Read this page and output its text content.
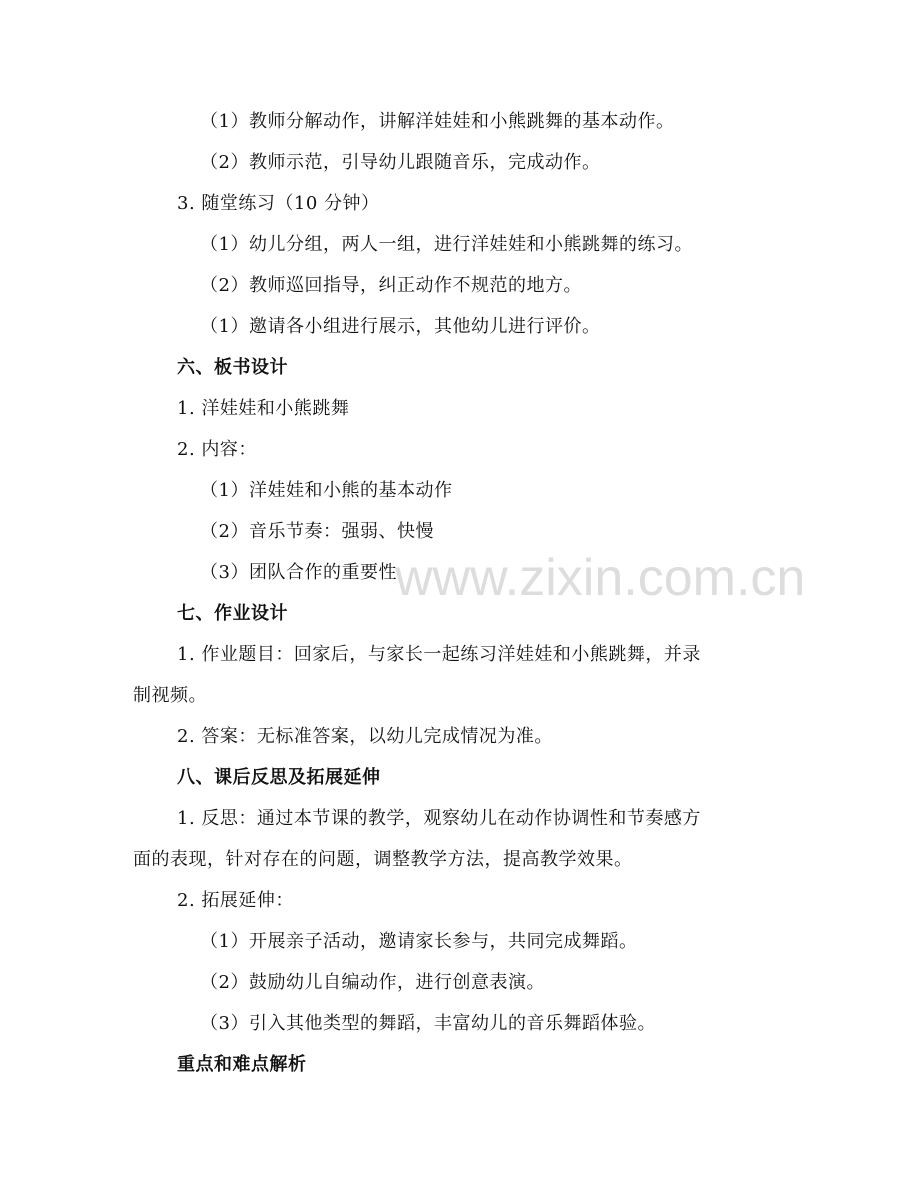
www.zixin.com.cn
（1）教师分解动作，讲解洋娃娃和小熊跳舞的基本动作。
（2）教师示范，引导幼儿跟随音乐，完成动作。
3. 随堂练习（10 分钟）
（1）幼儿分组，两人一组，进行洋娃娃和小熊跳舞的练习。
（2）教师巡回指导，纠正动作不规范的地方。
（1）邀请各小组进行展示，其他幼儿进行评价。
六、板书设计
1. 洋娃娃和小熊跳舞
2. 内容：
（1）洋娃娃和小熊的基本动作
（2）音乐节奏：强弱、快慢
（3）团队合作的重要性
七、作业设计
1. 作业题目：回家后，与家长一起练习洋娃娃和小熊跳舞，并录
制视频。
2. 答案：无标准答案，以幼儿完成情况为准。
八、课后反思及拓展延伸
1. 反思：通过本节课的教学，观察幼儿在动作协调性和节奏感方
面的表现，针对存在的问题，调整教学方法，提高教学效果。
2. 拓展延伸：
（1）开展亲子活动，邀请家长参与，共同完成舞蹈。
（2）鼓励幼儿自编动作，进行创意表演。
（3）引入其他类型的舞蹈，丰富幼儿的音乐舞蹈体验。
重点和难点解析
